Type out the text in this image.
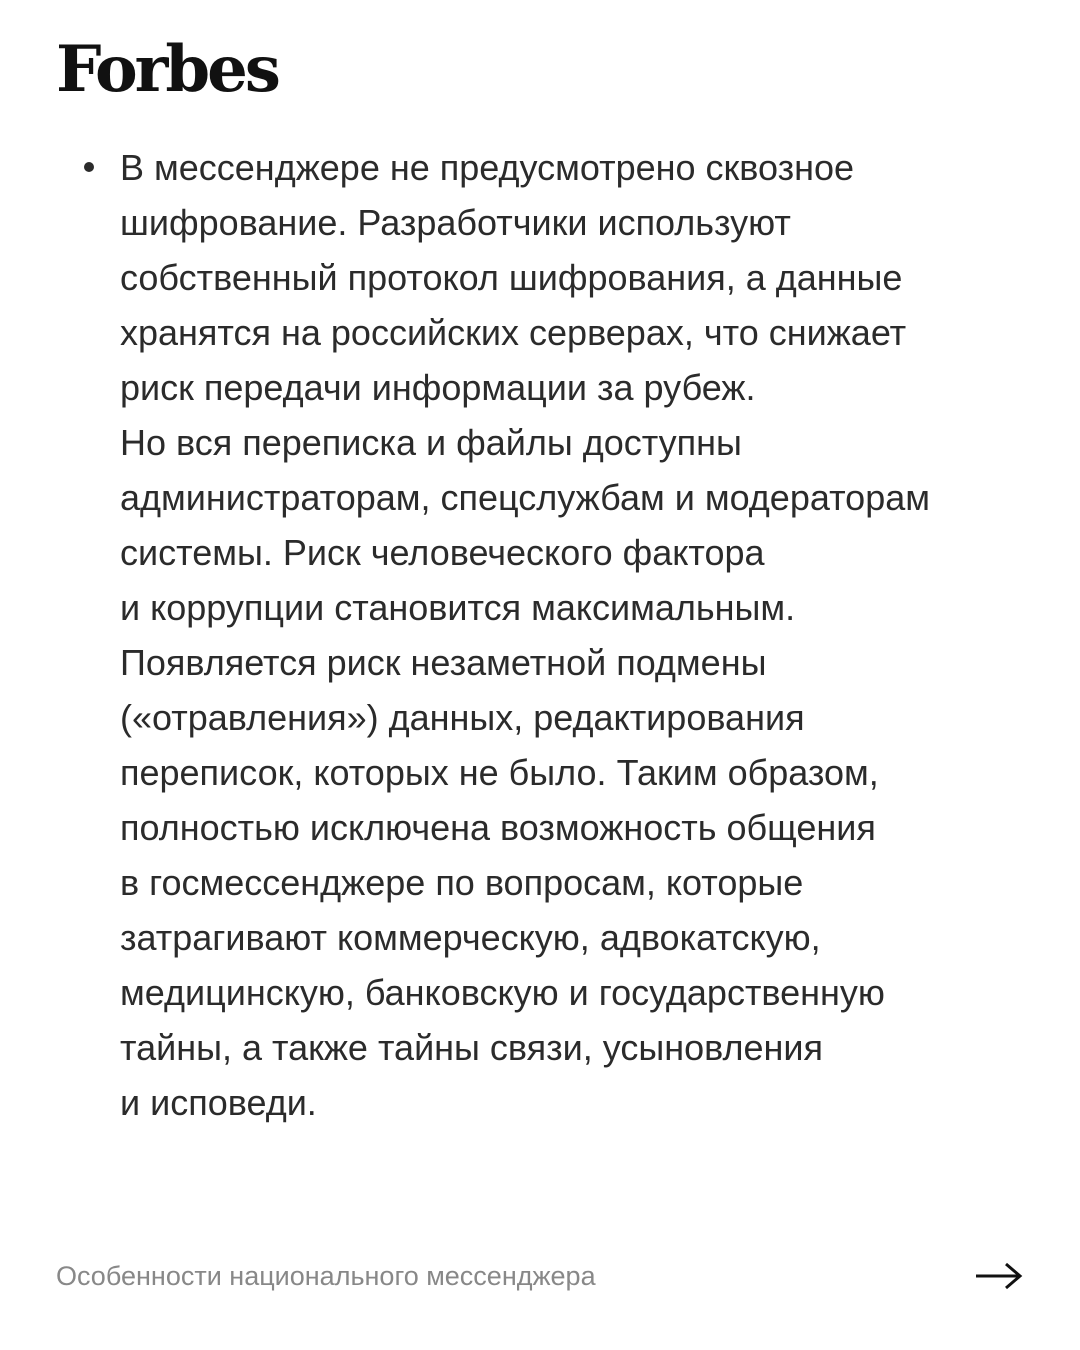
Forbes
В мессенджере не предусмотрено сквозное
шифрование. Разработчики используют
собственный протокол шифрования, а данные
хранятся на российских серверах, что снижает
риск передачи информации за рубеж.
Но вся переписка и файлы доступны
администраторам, спецслужбам и модераторам
системы. Риск человеческого фактора
и коррупции становится максимальным.
Появляется риск незаметной подмены
(«отравления») данных, редактирования
переписок, которых не было. Таким образом,
полностью исключена возможность общения
в госмессенджере по вопросам, которые
затрагивают коммерческую, адвокатскую,
медицинскую, банковскую и государственную
тайны, а также тайны связи, усыновления
и исповеди.
Особенности национального мессенджера
